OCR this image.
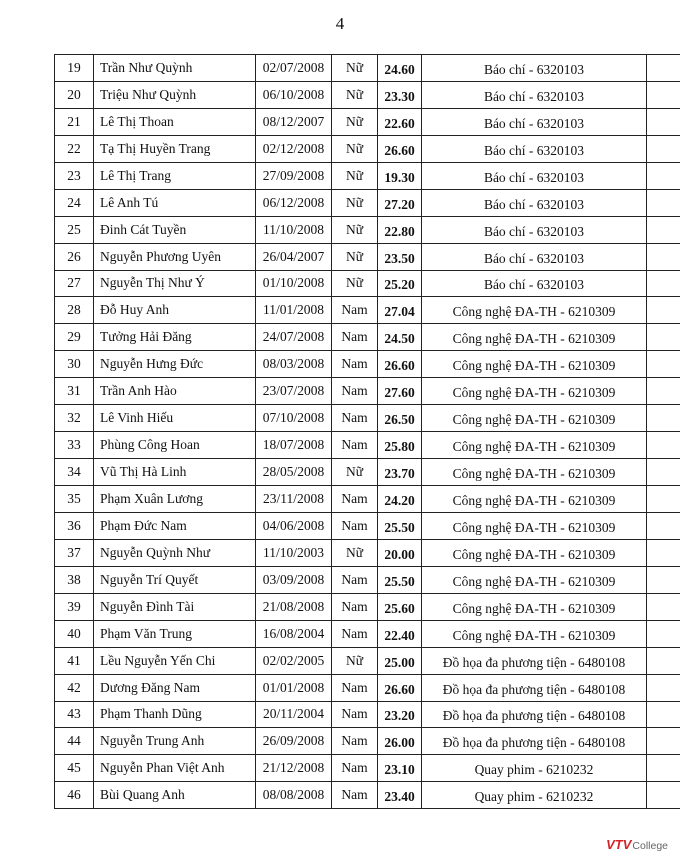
4
19	Trần Như Quỳnh	02/07/2008	Nữ	24.60	Báo chí - 6320103	
20	Triệu Như Quỳnh	06/10/2008	Nữ	23.30	Báo chí - 6320103	
21	Lê Thị Thoan	08/12/2007	Nữ	22.60	Báo chí - 6320103	
22	Tạ Thị Huyền Trang	02/12/2008	Nữ	26.60	Báo chí - 6320103	
23	Lê Thị Trang	27/09/2008	Nữ	19.30	Báo chí - 6320103	
24	Lê Anh Tú	06/12/2008	Nữ	27.20	Báo chí - 6320103	
25	Đinh Cát Tuyền	11/10/2008	Nữ	22.80	Báo chí - 6320103	
26	Nguyễn Phương Uyên	26/04/2007	Nữ	23.50	Báo chí - 6320103	
27	Nguyễn Thị Như Ý	01/10/2008	Nữ	25.20	Báo chí - 6320103	
28	Đỗ Huy Anh	11/01/2008	Nam	27.04	Công nghệ ĐA-TH - 6210309	
29	Tưởng Hải Đăng	24/07/2008	Nam	24.50	Công nghệ ĐA-TH - 6210309	
30	Nguyễn Hưng Đức	08/03/2008	Nam	26.60	Công nghệ ĐA-TH - 6210309	
31	Trần Anh Hào	23/07/2008	Nam	27.60	Công nghệ ĐA-TH - 6210309	
32	Lê Vinh Hiếu	07/10/2008	Nam	26.50	Công nghệ ĐA-TH - 6210309	
33	Phùng Công Hoan	18/07/2008	Nam	25.80	Công nghệ ĐA-TH - 6210309	
34	Vũ Thị Hà Linh	28/05/2008	Nữ	23.70	Công nghệ ĐA-TH - 6210309	
35	Phạm Xuân Lương	23/11/2008	Nam	24.20	Công nghệ ĐA-TH - 6210309	
36	Phạm Đức Nam	04/06/2008	Nam	25.50	Công nghệ ĐA-TH - 6210309	
37	Nguyễn Quỳnh Như	11/10/2003	Nữ	20.00	Công nghệ ĐA-TH - 6210309	
38	Nguyễn Trí Quyết	03/09/2008	Nam	25.50	Công nghệ ĐA-TH - 6210309	
39	Nguyễn Đình Tài	21/08/2008	Nam	25.60	Công nghệ ĐA-TH - 6210309	
40	Phạm Văn Trung	16/08/2004	Nam	22.40	Công nghệ ĐA-TH - 6210309	
41	Lều Nguyễn Yến Chi	02/02/2005	Nữ	25.00	Đồ họa đa phương tiện - 6480108	
42	Dương Đăng Nam	01/01/2008	Nam	26.60	Đồ họa đa phương tiện - 6480108	
43	Phạm Thanh Dũng	20/11/2004	Nam	23.20	Đồ họa đa phương tiện - 6480108	
44	Nguyễn Trung Anh	26/09/2008	Nam	26.00	Đồ họa đa phương tiện - 6480108	
45	Nguyễn Phan Việt Anh	21/12/2008	Nam	23.10	Quay phim - 6210232	
46	Bùi Quang Anh	08/08/2008	Nam	23.40	Quay phim - 6210232	
VTV College
